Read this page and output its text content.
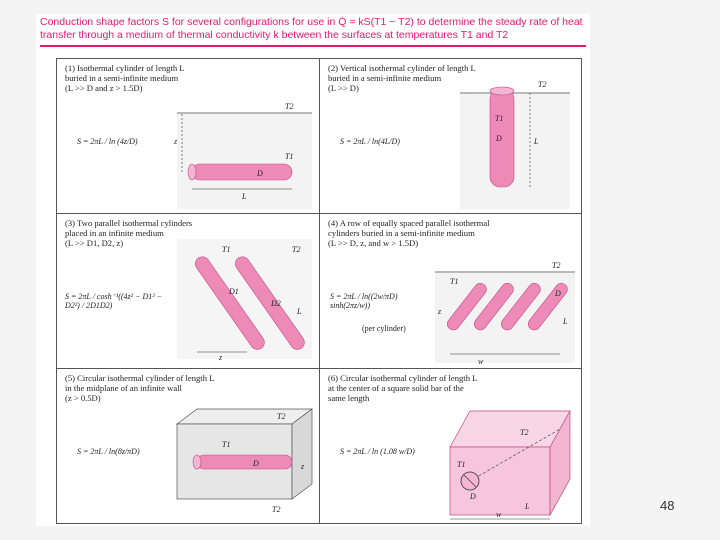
Conduction shape factors S for several configurations for use in Q̇ = kS(T1 − T2) to determine the steady rate of heat transfer through a medium of thermal conductivity k between the surfaces at temperatures T1 and T2
(1) Isothermal cylinder of length L
buried in a semi-infinite medium
(L >> D and z > 1.5D)
S = 2πL / ln (4z/D)
T2
T1
z
D
L
(2) Vertical isothermal cylinder of length L
buried in a semi-infinite medium
(L >> D)
S = 2πL / ln(4L/D)
T2
T1
D	L
(3) Two parallel isothermal cylinders
placed in an infinite medium
(L >> D1, D2, z)
S = 2πL / cosh⁻¹((4z² − D1² − D2²) / 2D1D2)
T1	T2
D1
D2
L
z
(4) A row of equally spaced parallel isothermal
cylinders buried in a semi-infinite medium
(L >> D, z, and w > 1.5D)
S = 2πL / ln((2w/πD) sinh(2πz/w))
(per cylinder)
T2
T1
z
D
L
w
(5) Circular isothermal cylinder of length L
in the midplane of an infinite wall
(z > 0.5D)
S = 2πL / ln(8z/πD)
T2
T1
D	z
T2
(6) Circular isothermal cylinder of length L
at the center of a square solid bar of the
same length
S = 2πL / ln (1.08 w/D)
T2
T1
D
L
w
48
